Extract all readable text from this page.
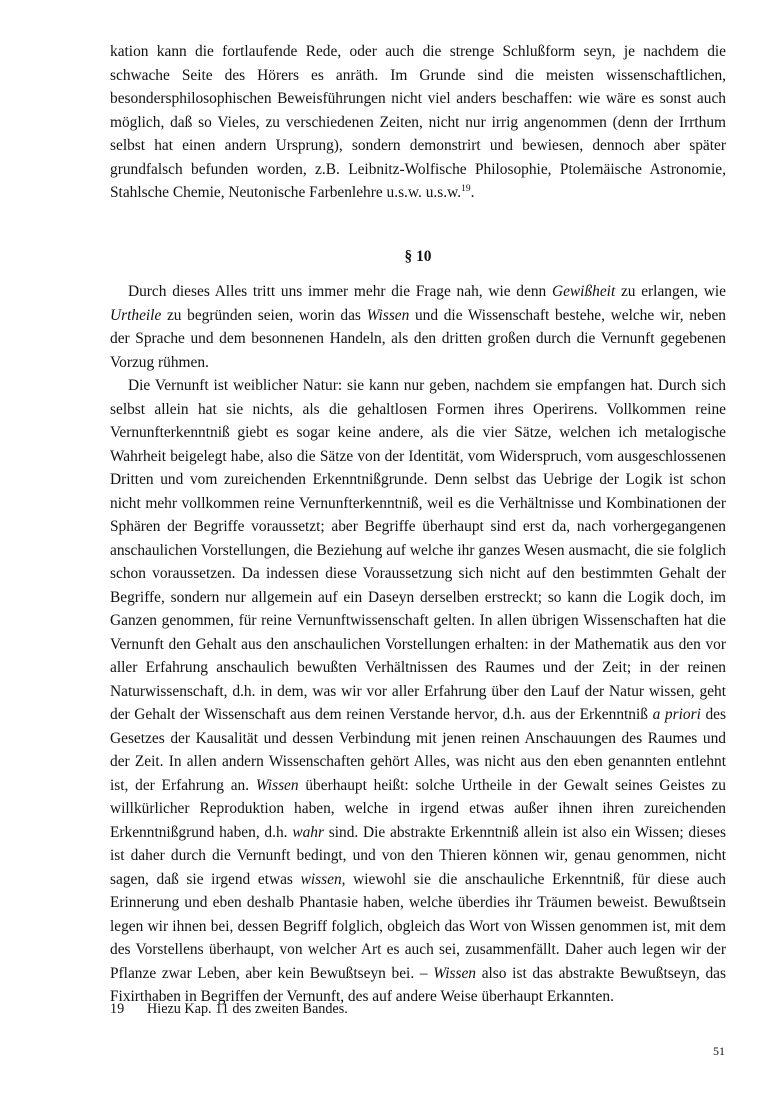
kation kann die fortlaufende Rede, oder auch die strenge Schlußform seyn, je nachdem die schwache Seite des Hörers es anräth. Im Grunde sind die meisten wissenschaftlichen, besondersphilosophischen Beweisführungen nicht viel anders beschaffen: wie wäre es sonst auch möglich, daß so Vieles, zu verschiedenen Zeiten, nicht nur irrig angenommen (denn der Irrthum selbst hat einen andern Ursprung), sondern demonstrirt und bewiesen, dennoch aber später grundfalsch befunden worden, z.B. Leibnitz-Wolfische Philosophie, Ptolemäische Astronomie, Stahlsche Chemie, Neutonische Farbenlehre u.s.w. u.s.w.$^{19}$.

§ 10

Durch dieses Alles tritt uns immer mehr die Frage nah, wie denn Gewißheit zu erlangen, wie Urtheile zu begründen seien, worin das Wissen und die Wissenschaft bestehe, welche wir, neben der Sprache und dem besonnenen Handeln, als den dritten großen durch die Vernunft gegebenen Vorzug rühmen.

Die Vernunft ist weiblicher Natur: sie kann nur geben, nachdem sie empfangen hat. Durch sich selbst allein hat sie nichts, als die gehaltlosen Formen ihres Operirens. Vollkommen reine Vernunfterkenntniß giebt es sogar keine andere, als die vier Sätze, welchen ich metalogische Wahrheit beigelegt habe, also die Sätze von der Identität, vom Widerspruch, vom ausgeschlossenen Dritten und vom zureichenden Erkenntnißgrunde. Denn selbst das Uebrige der Logik ist schon nicht mehr vollkommen reine Vernunfterkenntniß, weil es die Verhältnisse und Kombinationen der Sphären der Begriffe voraussetzt; aber Begriffe überhaupt sind erst da, nach vorhergegangenen anschaulichen Vorstellungen, die Beziehung auf welche ihr ganzes Wesen ausmacht, die sie folglich schon voraussetzen. Da indessen diese Voraussetzung sich nicht auf den bestimmten Gehalt der Begriffe, sondern nur allgemein auf ein Daseyn derselben erstreckt; so kann die Logik doch, im Ganzen genommen, für reine Vernunftwissenschaft gelten. In allen übrigen Wissenschaften hat die Vernunft den Gehalt aus den anschaulichen Vorstellungen erhalten: in der Mathematik aus den vor aller Erfahrung anschaulich bewußten Verhältnissen des Raumes und der Zeit; in der reinen Naturwissenschaft, d.h. in dem, was wir vor aller Erfahrung über den Lauf der Natur wissen, geht der Gehalt der Wissenschaft aus dem reinen Verstande hervor, d.h. aus der Erkenntniß a priori des Gesetzes der Kausalität und dessen Verbindung mit jenen reinen Anschauungen des Raumes und der Zeit. In allen andern Wissenschaften gehört Alles, was nicht aus den eben genannten entlehnt ist, der Erfahrung an. Wissen überhaupt heißt: solche Urtheile in der Gewalt seines Geistes zu willkürlicher Reproduktion haben, welche in irgend etwas außer ihnen ihren zureichenden Erkenntnißgrund haben, d.h. wahr sind. Die abstrakte Erkenntniß allein ist also ein Wissen; dieses ist daher durch die Vernunft bedingt, und von den Thieren können wir, genau genommen, nicht sagen, daß sie irgend etwas wissen, wiewohl sie die anschauliche Erkenntniß, für diese auch Erinnerung und eben deshalb Phantasie haben, welche überdies ihr Träumen beweist. Bewußtsein legen wir ihnen bei, dessen Begriff folglich, obgleich das Wort von Wissen genommen ist, mit dem des Vorstellens überhaupt, von welcher Art es auch sei, zusammenfällt. Daher auch legen wir der Pflanze zwar Leben, aber kein Bewußtseyn bei. – Wissen also ist das abstrakte Bewußtseyn, das Fixirthaben in Begriffen der Vernunft, des auf andere Weise überhaupt Erkannten.

19 Hiezu Kap. 11 des zweiten Bandes.
51
